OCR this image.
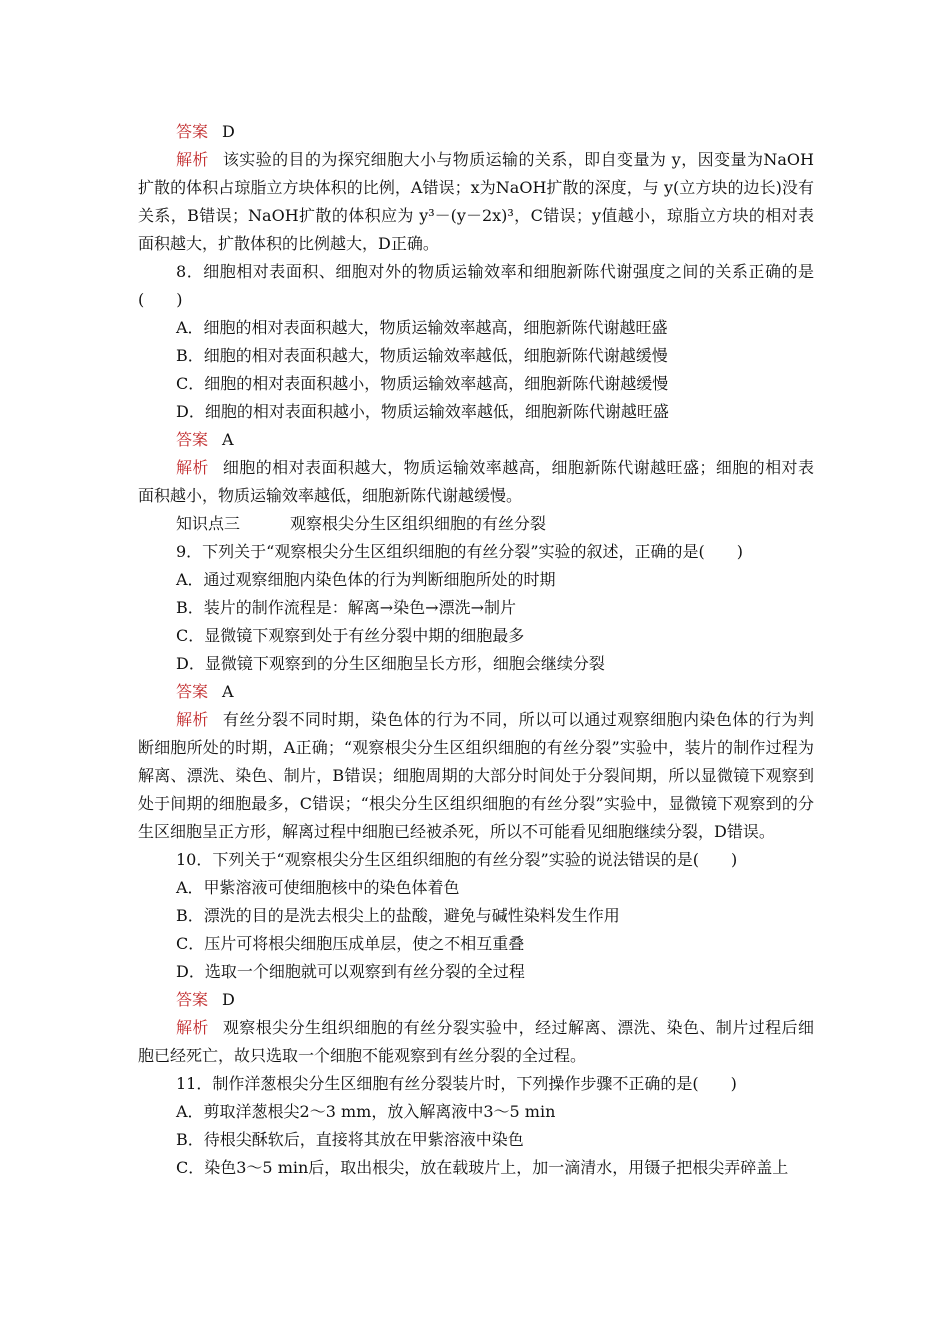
答案 D

解析 该实验的目的为探究细胞大小与物质运输的关系，即自变量为 y，因变量为NaOH扩散的体积占琼脂立方块体积的比例，A错误；x为NaOH扩散的深度，与 y(立方块的边长)没有关系，B错误；NaOH扩散的体积应为 y³－(y－2x)³，C错误；y值越小，琼脂立方块的相对表面积越大，扩散体积的比例越大，D正确。

8．细胞相对表面积、细胞对外的物质运输效率和细胞新陈代谢强度之间的关系正确的是(　　)

A．细胞的相对表面积越大，物质运输效率越高，细胞新陈代谢越旺盛

B．细胞的相对表面积越大，物质运输效率越低，细胞新陈代谢越缓慢

C．细胞的相对表面积越小，物质运输效率越高，细胞新陈代谢越缓慢

D．细胞的相对表面积越小，物质运输效率越低，细胞新陈代谢越旺盛

答案 A

解析 细胞的相对表面积越大，物质运输效率越高，细胞新陈代谢越旺盛；细胞的相对表面积越小，物质运输效率越低，细胞新陈代谢越缓慢。

知识点三	观察根尖分生区组织细胞的有丝分裂

9．下列关于“观察根尖分生区组织细胞的有丝分裂”实验的叙述，正确的是(　　)

A．通过观察细胞内染色体的行为判断细胞所处的时期

B．装片的制作流程是：解离→染色→漂洗→制片

C．显微镜下观察到处于有丝分裂中期的细胞最多

D．显微镜下观察到的分生区细胞呈长方形，细胞会继续分裂

答案 A

解析 有丝分裂不同时期，染色体的行为不同，所以可以通过观察细胞内染色体的行为判断细胞所处的时期，A正确；“观察根尖分生区组织细胞的有丝分裂”实验中，装片的制作过程为解离、漂洗、染色、制片，B错误；细胞周期的大部分时间处于分裂间期，所以显微镜下观察到处于间期的细胞最多，C错误；“根尖分生区组织细胞的有丝分裂”实验中，显微镜下观察到的分生区细胞呈正方形，解离过程中细胞已经被杀死，所以不可能看见细胞继续分裂，D错误。

10．下列关于“观察根尖分生区组织细胞的有丝分裂”实验的说法错误的是(　　)

A．甲紫溶液可使细胞核中的染色体着色

B．漂洗的目的是洗去根尖上的盐酸，避免与碱性染料发生作用

C．压片可将根尖细胞压成单层，使之不相互重叠

D．选取一个细胞就可以观察到有丝分裂的全过程

答案 D

解析 观察根尖分生组织细胞的有丝分裂实验中，经过解离、漂洗、染色、制片过程后细胞已经死亡，故只选取一个细胞不能观察到有丝分裂的全过程。

11．制作洋葱根尖分生区细胞有丝分裂装片时，下列操作步骤不正确的是(　　)

A．剪取洋葱根尖2～3 mm，放入解离液中3～5 min

B．待根尖酥软后，直接将其放在甲紫溶液中染色

C．染色3～5 min后，取出根尖，放在载玻片上，加一滴清水，用镊子把根尖弄碎盖上
